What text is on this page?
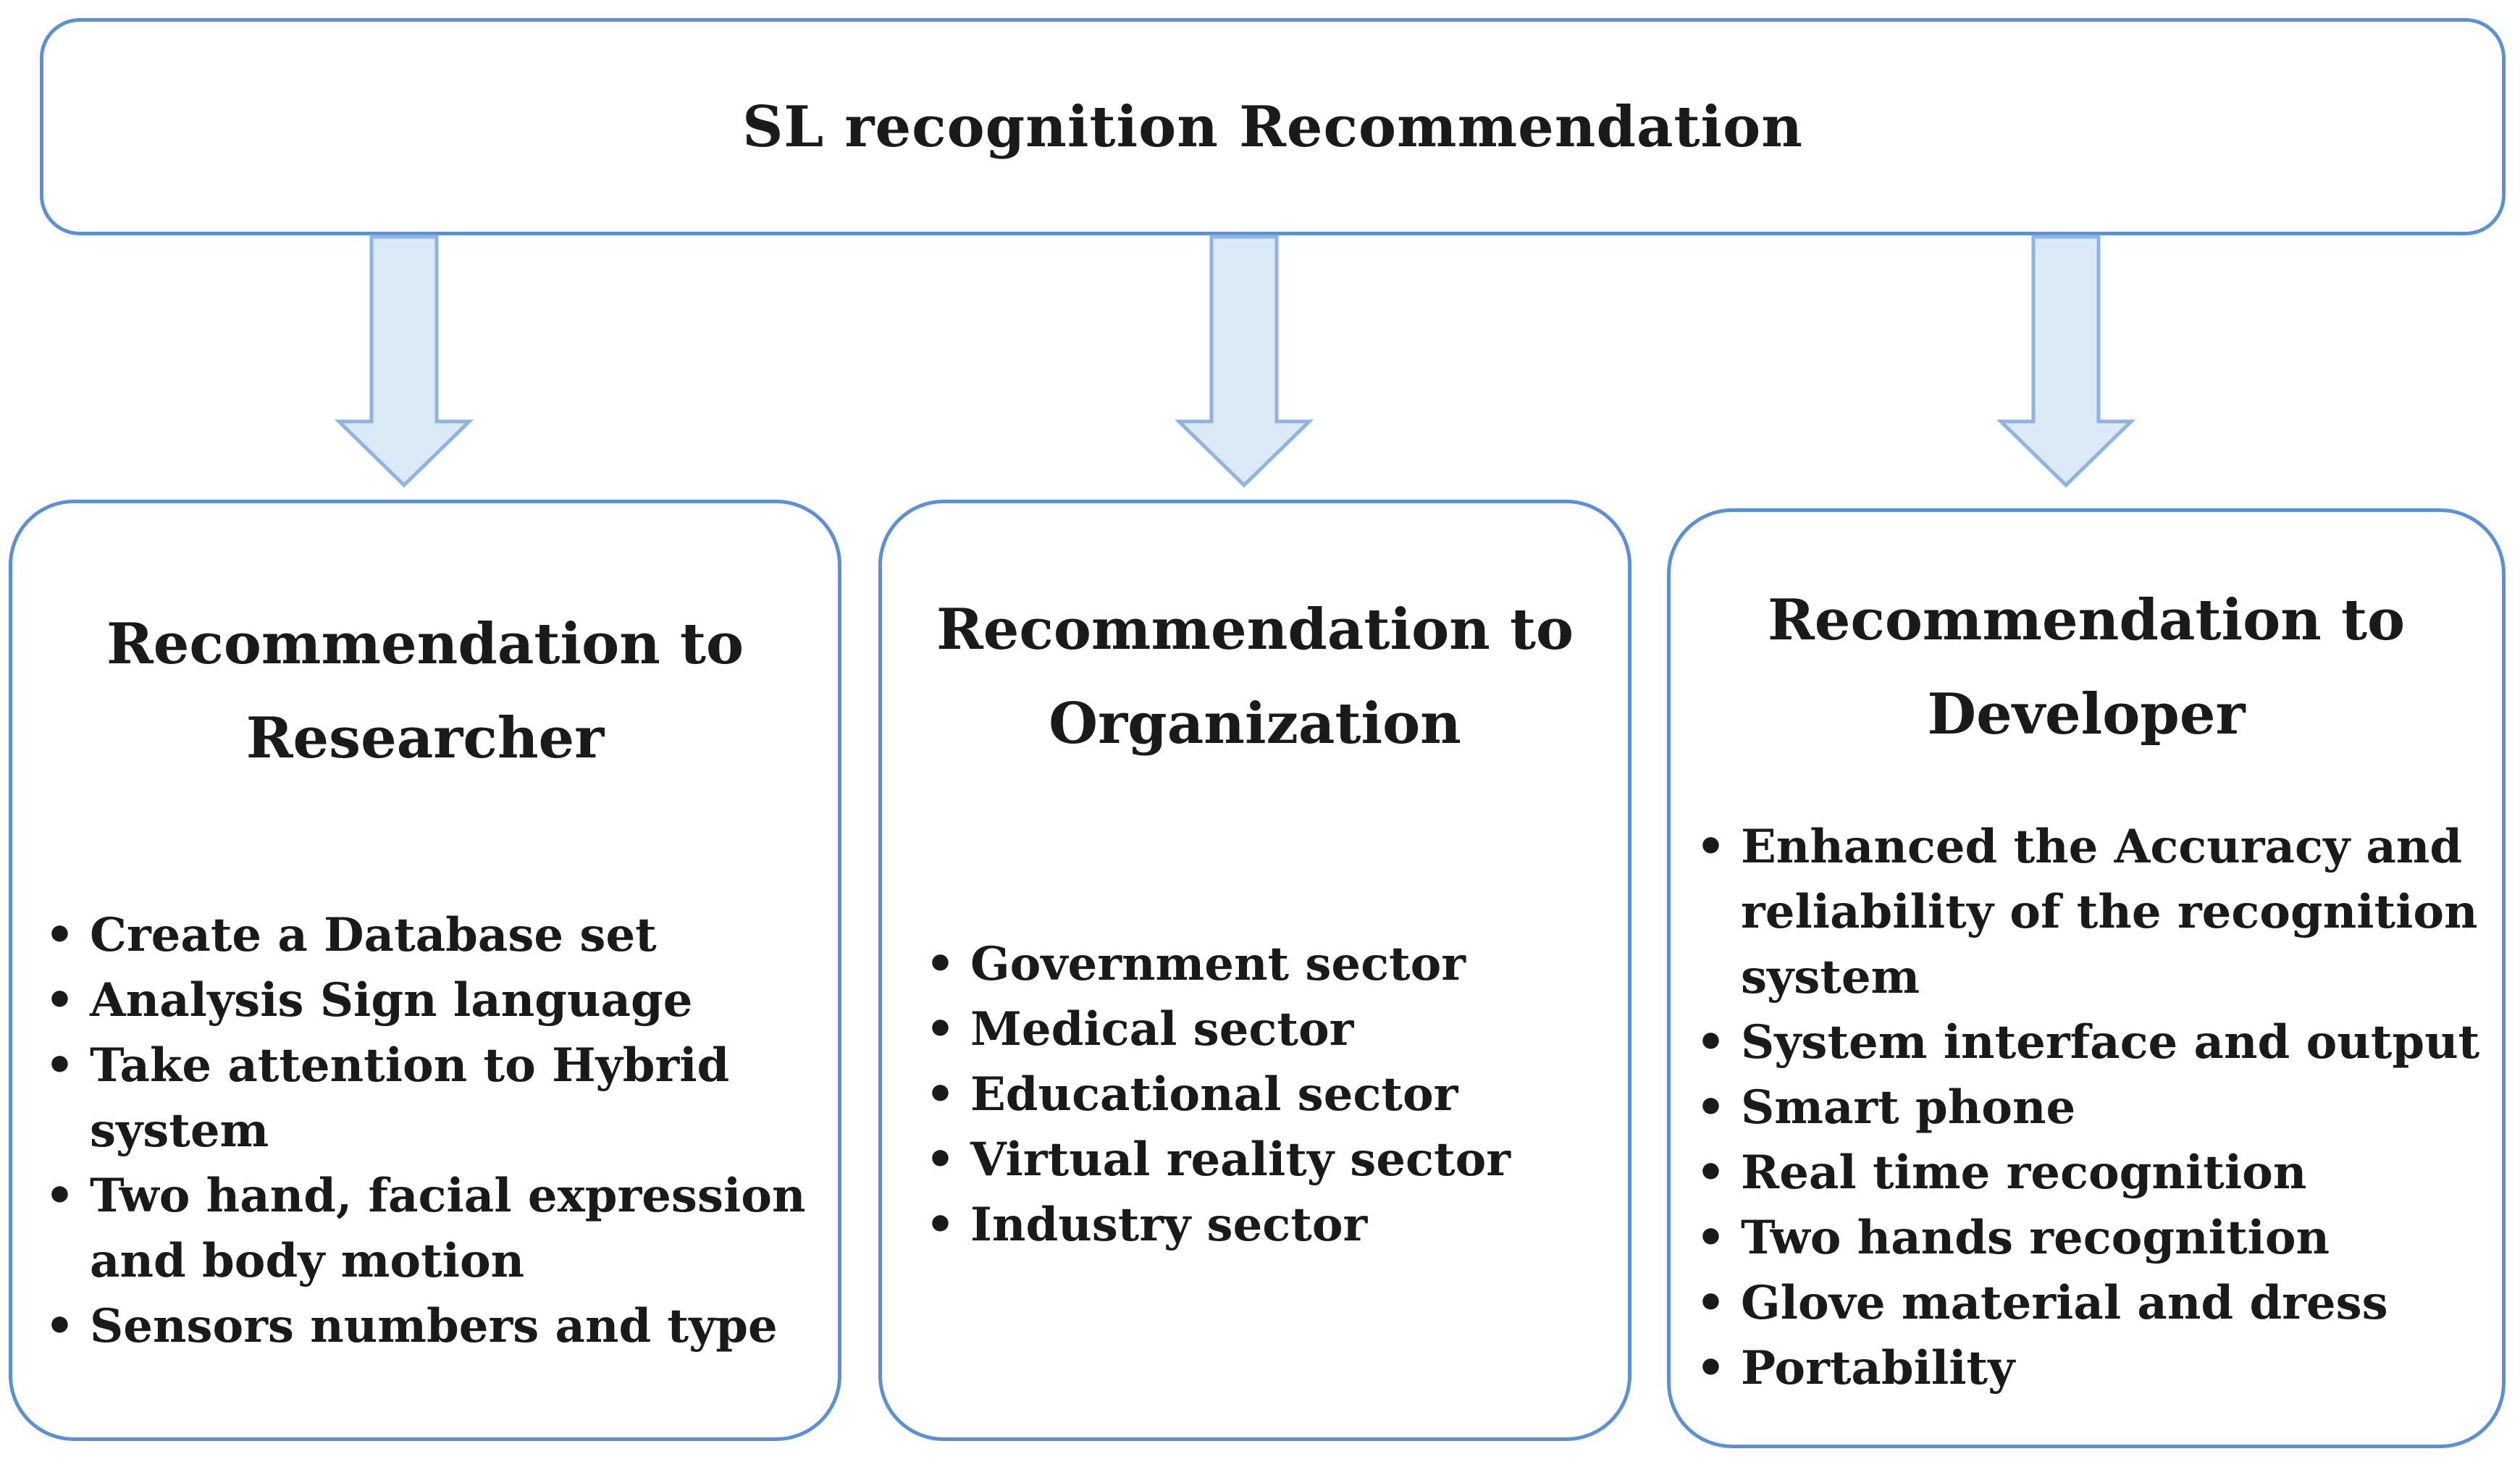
SL recognition Recommendation
Recommendation to
Researcher
• Create a Database set
• Analysis Sign language
• Take attention to Hybrid system
• Two hand, facial expression and body motion
• Sensors numbers and type
Recommendation to
Organization
• Government sector
• Medical sector
• Educational sector
• Virtual reality sector
• Industry sector
Recommendation to
Developer
• Enhanced the Accuracy and reliability of the recognition system
• System interface and output
• Smart phone
• Real time recognition
• Two hands recognition
• Glove material and dress
• Portability
